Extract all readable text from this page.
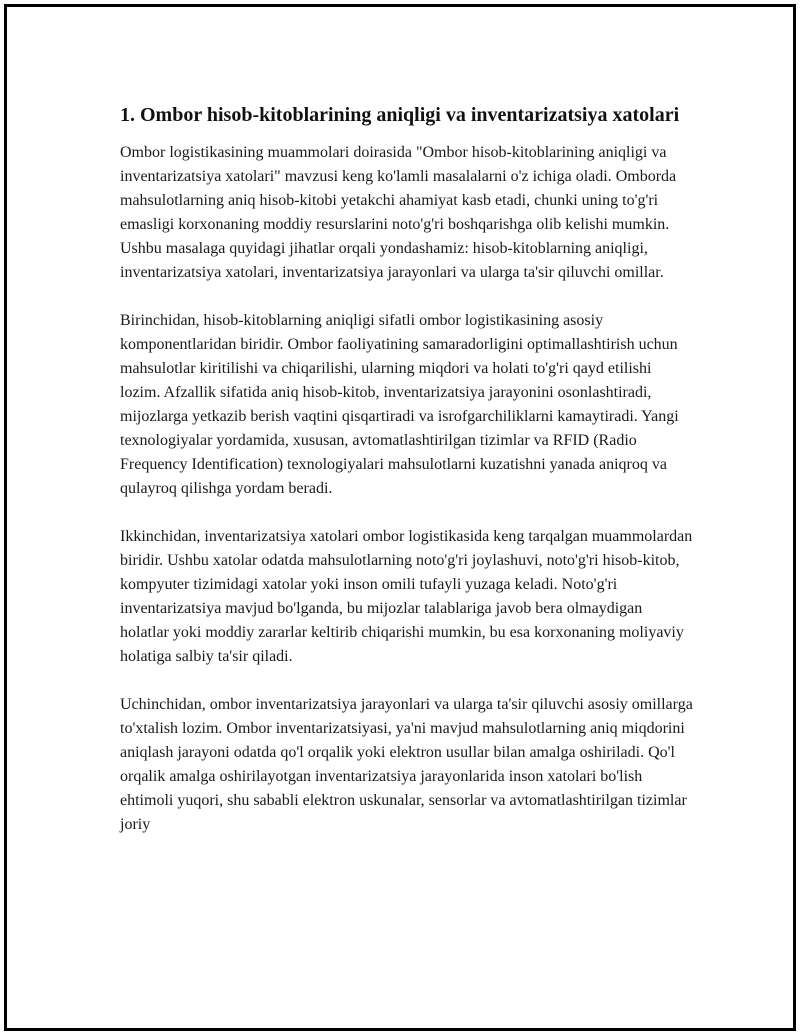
1. Ombor hisob-kitoblarining aniqligi va inventarizatsiya xatolari

Ombor logistikasining muammolari doirasida "Ombor hisob-kitoblarining aniqligi va inventarizatsiya xatolari" mavzusi keng ko'lamli masalalarni o'z ichiga oladi. Omborda mahsulotlarning aniq hisob-kitobi yetakchi ahamiyat kasb etadi, chunki uning to'g'ri emasligi korxonaning moddiy resurslarini noto'g'ri boshqarishga olib kelishi mumkin. Ushbu masalaga quyidagi jihatlar orqali yondashamiz: hisob-kitoblarning aniqligi, inventarizatsiya xatolari, inventarizatsiya jarayonlari va ularga ta'sir qiluvchi omillar.

Birinchidan, hisob-kitoblarning aniqligi sifatli ombor logistikasining asosiy komponentlaridan biridir. Ombor faoliyatining samaradorligini optimallashtirish uchun mahsulotlar kiritilishi va chiqarilishi, ularning miqdori va holati to'g'ri qayd etilishi lozim. Afzallik sifatida aniq hisob-kitob, inventarizatsiya jarayonini osonlashtiradi, mijozlarga yetkazib berish vaqtini qisqartiradi va isrofgarchiliklarni kamaytiradi. Yangi texnologiyalar yordamida, xususan, avtomatlashtirilgan tizimlar va RFID (Radio Frequency Identification) texnologiyalari mahsulotlarni kuzatishni yanada aniqroq va qulayroq qilishga yordam beradi.

Ikkinchidan, inventarizatsiya xatolari ombor logistikasida keng tarqalgan muammolardan biridir. Ushbu xatolar odatda mahsulotlarning noto'g'ri joylashuvi, noto'g'ri hisob-kitob, kompyuter tizimidagi xatolar yoki inson omili tufayli yuzaga keladi. Noto'g'ri inventarizatsiya mavjud bo'lganda, bu mijozlar talablariga javob bera olmaydigan holatlar yoki moddiy zararlar keltirib chiqarishi mumkin, bu esa korxonaning moliyaviy holatiga salbiy ta'sir qiladi.

Uchinchidan, ombor inventarizatsiya jarayonlari va ularga ta'sir qiluvchi asosiy omillarga to'xtalish lozim. Ombor inventarizatsiyasi, ya'ni mavjud mahsulotlarning aniq miqdorini aniqlash jarayoni odatda qo'l orqalik yoki elektron usullar bilan amalga oshiriladi. Qo'l orqalik amalga oshirilayotgan inventarizatsiya jarayonlarida inson xatolari bo'lish ehtimoli yuqori, shu sababli elektron uskunalar, sensorlar va avtomatlashtirilgan tizimlar joriy
